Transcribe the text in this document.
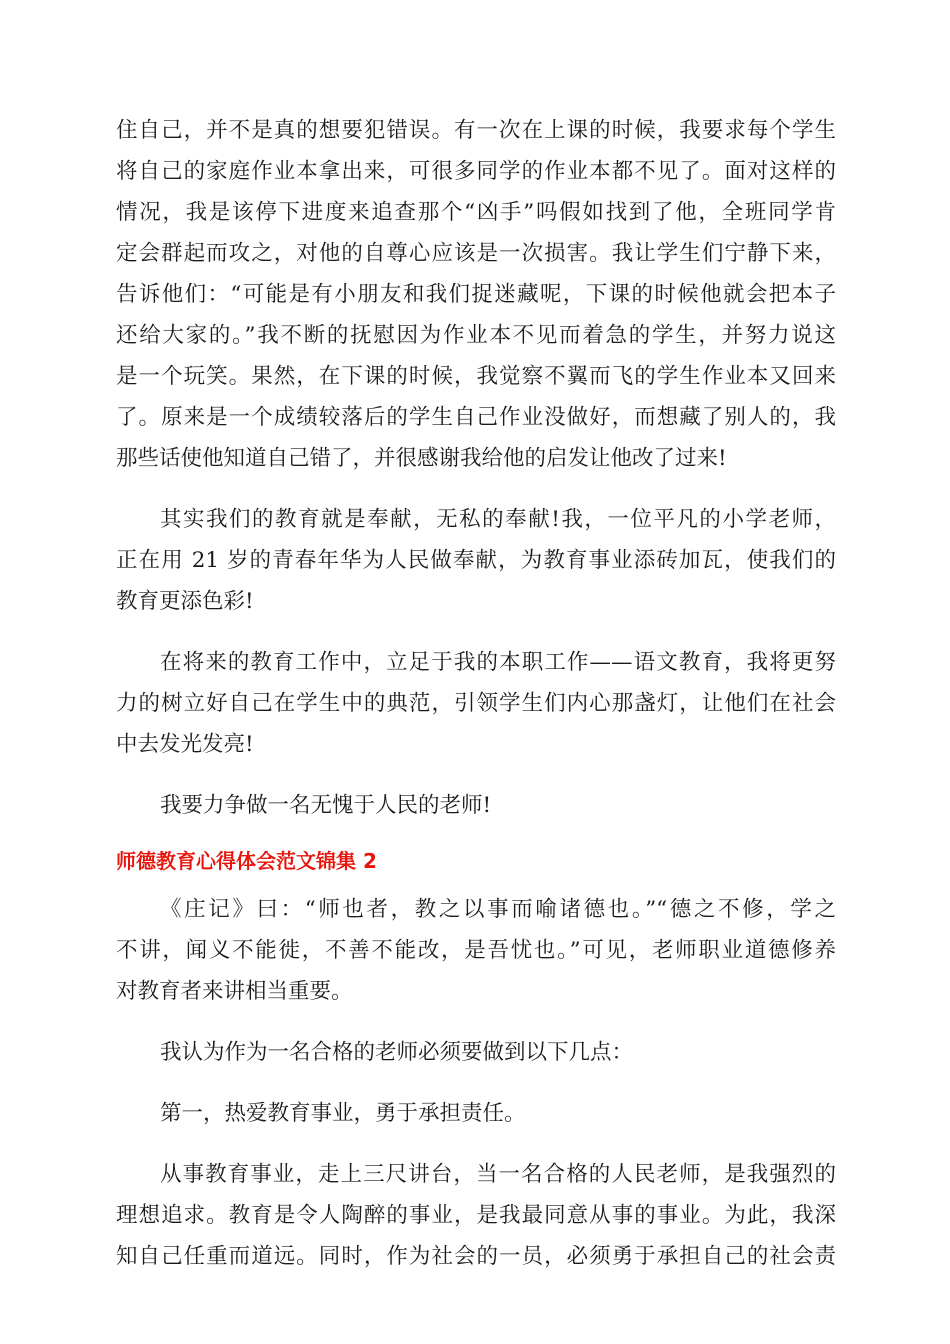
住自己，并不是真的想要犯错误。有一次在上课的时候，我要求每个学生

将自己的家庭作业本拿出来，可很多同学的作业本都不见了。面对这样的

情况，我是该停下进度来追查那个“凶手”吗假如找到了他，全班同学肯

定会群起而攻之，对他的自尊心应该是一次损害。我让学生们宁静下来，

告诉他们：“可能是有小朋友和我们捉迷藏呢，下课的时候他就会把本子

还给大家的。”我不断的抚慰因为作业本不见而着急的学生，并努力说这

是一个玩笑。果然，在下课的时候，我觉察不翼而飞的学生作业本又回来

了。原来是一个成绩较落后的学生自己作业没做好，而想藏了别人的，我

那些话使他知道自己错了，并很感谢我给他的启发让他改了过来!

其实我们的教育就是奉献，无私的奉献!我，一位平凡的小学老师，

正在用 21 岁的青春年华为人民做奉献，为教育事业添砖加瓦，使我们的

教育更添色彩!

在将来的教育工作中，立足于我的本职工作——语文教育，我将更努

力的树立好自己在学生中的典范，引领学生们内心那盏灯，让他们在社会

中去发光发亮!

我要力争做一名无愧于人民的老师!

师德教育心得体会范文锦集 2

《庄记》曰：“师也者，教之以事而喻诸德也。”“德之不修，学之

不讲，闻义不能徙，不善不能改，是吾忧也。”可见，老师职业道德修养

对教育者来讲相当重要。

我认为作为一名合格的老师必须要做到以下几点：

第一，热爱教育事业，勇于承担责任。

从事教育事业，走上三尺讲台，当一名合格的人民老师，是我强烈的

理想追求。教育是令人陶醉的事业，是我最同意从事的事业。为此，我深

知自己任重而道远。同时，作为社会的一员，必须勇于承担自己的社会责
